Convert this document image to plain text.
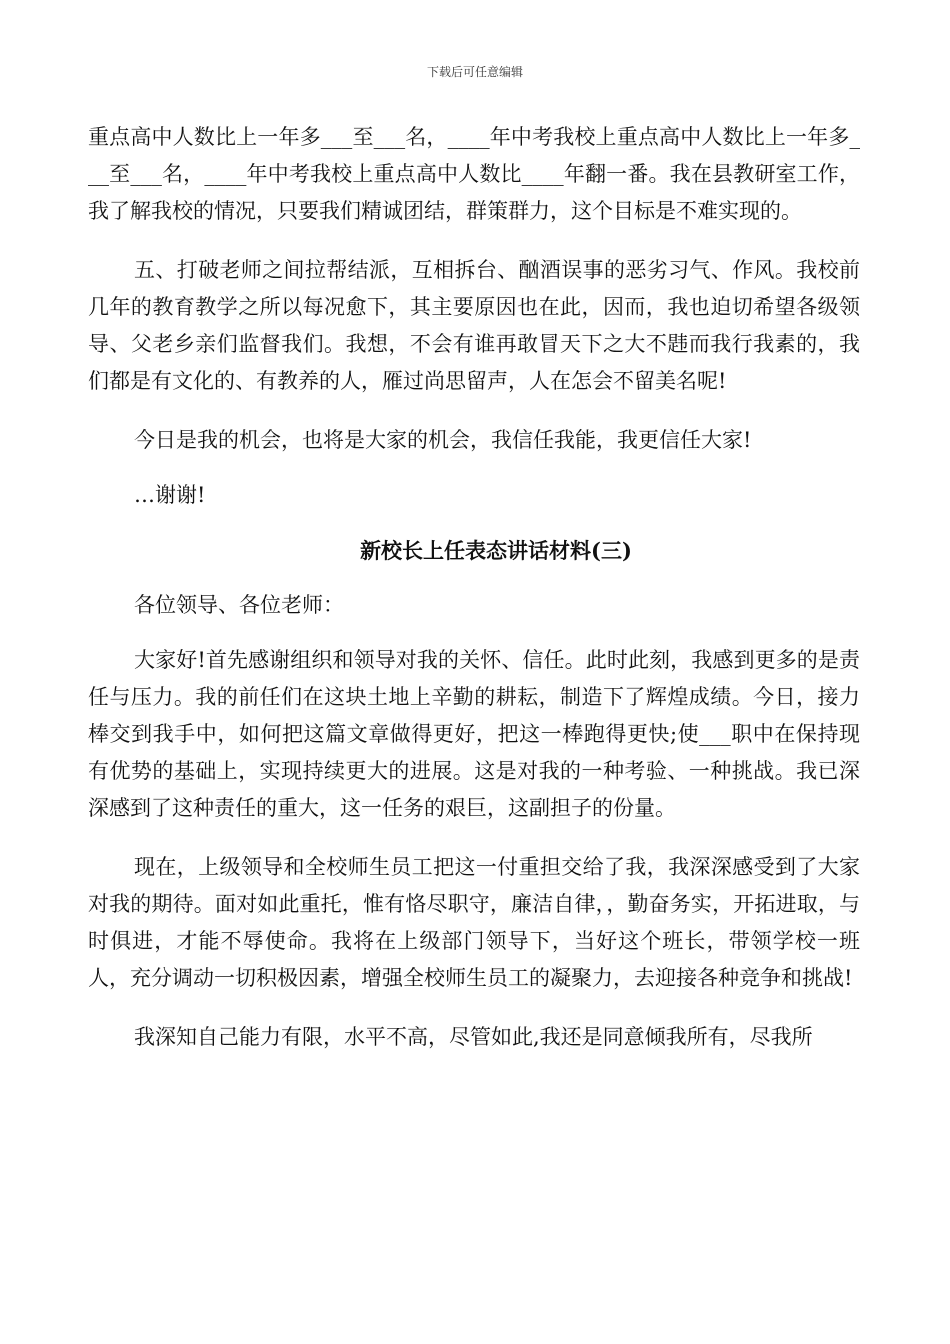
下载后可任意编辑

重点高中人数比上一年多___至___名，____年中考我校上重点高中人数比上一年多___至___名，____年中考我校上重点高中人数比____年翻一番。我在县教研室工作，我了解我校的情况，只要我们精诚团结，群策群力，这个目标是不难实现的。

五、打破老师之间拉帮结派，互相拆台、酗酒误事的恶劣习气、作风。我校前几年的教育教学之所以每况愈下，其主要原因也在此，因而，我也迫切希望各级领导、父老乡亲们监督我们。我想，不会有谁再敢冒天下之大不韪而我行我素的，我们都是有文化的、有教养的人，雁过尚思留声，人在怎会不留美名呢!

今日是我的机会，也将是大家的机会，我信任我能，我更信任大家!

…谢谢!

新校长上任表态讲话材料(三)

各位领导、各位老师：

大家好!首先感谢组织和领导对我的关怀、信任。此时此刻，我感到更多的是责任与压力。我的前任们在这块土地上辛勤的耕耘，制造下了辉煌成绩。今日，接力棒交到我手中，如何把这篇文章做得更好，把这一棒跑得更快;使___职中在保持现有优势的基础上，实现持续更大的进展。这是对我的一种考验、一种挑战。我已深深感到了这种责任的重大，这一任务的艰巨，这副担子的份量。

现在，上级领导和全校师生员工把这一付重担交给了我，我深深感受到了大家对我的期待。面对如此重托，惟有恪尽职守，廉洁自律，，勤奋务实，开拓进取，与时俱进，才能不辱使命。我将在上级部门领导下，当好这个班长，带领学校一班人，充分调动一切积极因素，增强全校师生员工的凝聚力，去迎接各种竞争和挑战!

我深知自己能力有限，水平不高，尽管如此,我还是同意倾我所有，尽我所
